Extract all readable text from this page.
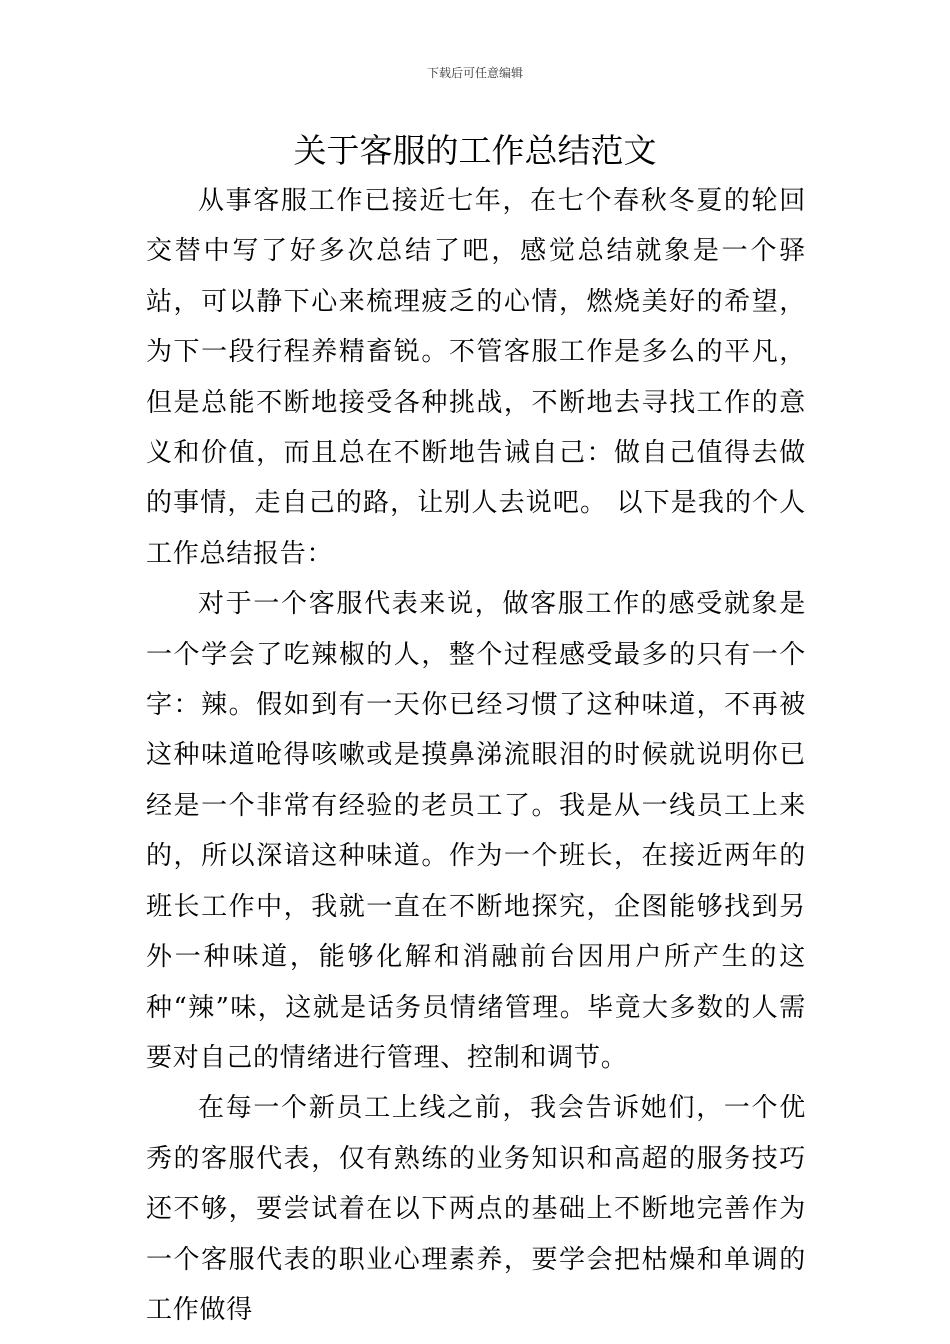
下载后可任意编辑
关于客服的工作总结范文

从事客服工作已接近七年，在七个春秋冬夏的轮回交替中写了好多次总结了吧，感觉总结就象是一个驿站，可以静下心来梳理疲乏的心情，燃烧美好的希望，为下一段行程养精畜锐。不管客服工作是多么的平凡，但是总能不断地接受各种挑战，不断地去寻找工作的意义和价值，而且总在不断地告诫自己：做自己值得去做的事情，走自己的路，让别人去说吧。 以下是我的个人工作总结报告：

对于一个客服代表来说，做客服工作的感受就象是一个学会了吃辣椒的人，整个过程感受最多的只有一个字：辣。假如到有一天你已经习惯了这种味道，不再被这种味道呛得咳嗽或是摸鼻涕流眼泪的时候就说明你已经是一个非常有经验的老员工了。我是从一线员工上来的，所以深谙这种味道。作为一个班长，在接近两年的班长工作中，我就一直在不断地探究，企图能够找到另外一种味道，能够化解和消融前台因用户所产生的这种“辣”味，这就是话务员情绪管理。毕竟大多数的人需要对自己的情绪进行管理、控制和调节。

在每一个新员工上线之前，我会告诉她们，一个优秀的客服代表，仅有熟练的业务知识和高超的服务技巧还不够，要尝试着在以下两点的基础上不断地完善作为一个客服代表的职业心理素养，要学会把枯燥和单调的工作做得
